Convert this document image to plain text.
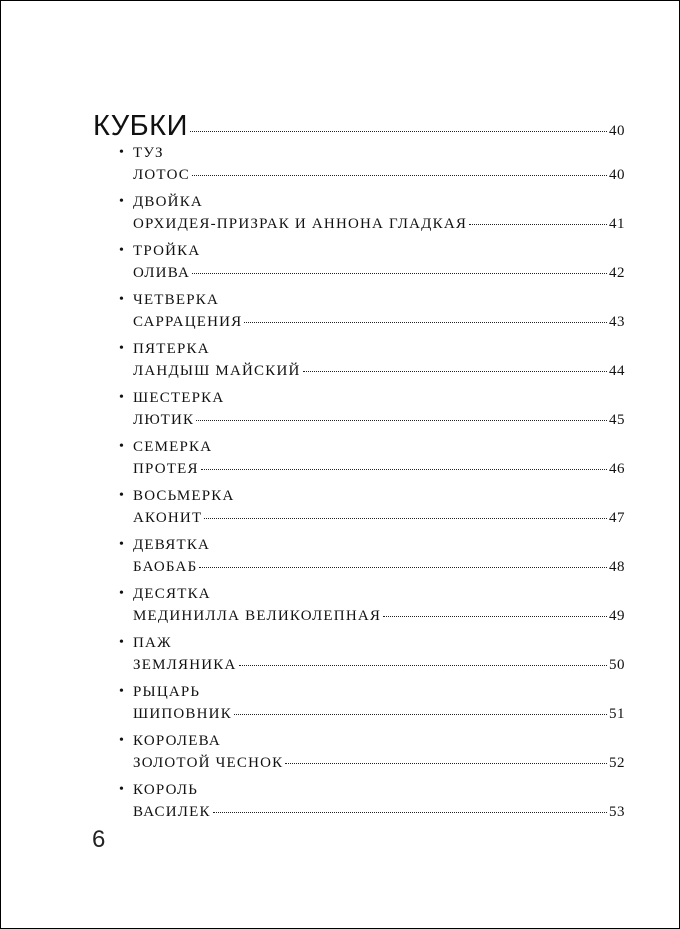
КУБКИ	40
• ТУЗ
ЛОТОС	40
• ДВОЙКА
ОРХИДЕЯ-ПРИЗРАК И АННОНА ГЛАДКАЯ	41
• ТРОЙКА
ОЛИВА	42
• ЧЕТВЕРКА
САРРАЦЕНИЯ	43
• ПЯТЕРКА
ЛАНДЫШ МАЙСКИЙ	44
• ШЕСТЕРКА
ЛЮТИК	45
• СЕМЕРКА
ПРОТЕЯ	46
• ВОСЬМЕРКА
АКОНИТ	47
• ДЕВЯТКА
БАОБАБ	48
• ДЕСЯТКА
МЕДИНИЛЛА ВЕЛИКОЛЕПНАЯ	49
• ПАЖ
ЗЕМЛЯНИКА	50
• РЫЦАРЬ
ШИПОВНИК	51
• КОРОЛЕВА
ЗОЛОТОЙ ЧЕСНОК	52
• КОРОЛЬ
ВАСИЛЕК	53
6
